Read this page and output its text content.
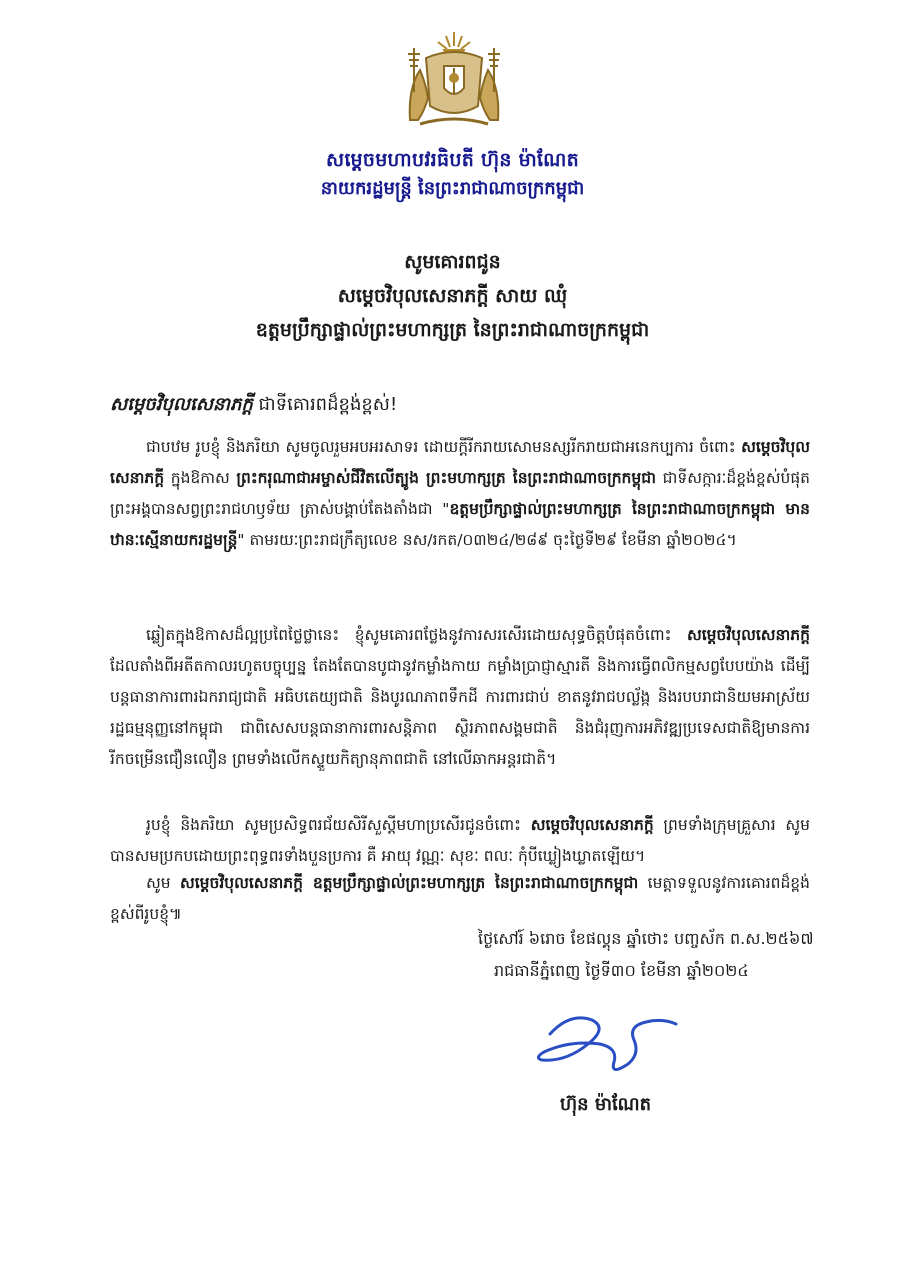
សម្តេចមហាបវរធិបតី ហ៊ុន ម៉ាណែត
នាយករដ្ឋមន្ត្រី នៃព្រះរាជាណាចក្រកម្ពុជា
សូមគោរពជូន
សម្តេចវិបុលសេនាភក្តី សាយ ឈុំ
ឧត្តមប្រឹក្សាផ្ទាល់ព្រះមហាក្សត្រ នៃព្រះរាជាណាចក្រកម្ពុជា
សម្តេចវិបុលសេនាភក្តី ជាទីគោរពដ៏ខ្ពង់ខ្ពស់!
ជាបឋម រូបខ្ញុំ និងភរិយា សូមចូលរួមអបអរសាទរ ដោយក្តីរីករាយសោមនស្សរីករាយជាអនេកប្បការ ចំពោះ សម្តេចវិបុលសេនាភក្តី ក្នុងឱកាស ព្រះករុណាជាអម្ចាស់ជីវិតលើត្បូង ព្រះមហាក្សត្រ នៃព្រះរាជាណាចក្រកម្ពុជា ជាទីសក្ការៈដ៏ខ្ពង់ខ្ពស់បំផុត ព្រះអង្គបានសព្វព្រះរាជហឫទ័យ ត្រាស់បង្គាប់តែងតាំងជា "ឧត្តមប្រឹក្សាផ្ទាល់ព្រះមហាក្សត្រ នៃព្រះរាជាណាចក្រកម្ពុជា មានឋានៈស្មើនាយករដ្ឋមន្ត្រី" តាមរយៈព្រះរាជក្រឹត្យលេខ នស/រកត/០៣២៤/២៨៩ ចុះថ្ងៃទី២៩ ខែមីនា ឆ្នាំ២០២៤។
ឆ្លៀតក្នុងឱកាសដ៏ល្អប្រពៃថ្លៃថ្លានេះ ខ្ញុំសូមគោរពថ្លែងនូវការសរសើរដោយសុទ្ធចិត្តបំផុតចំពោះ សម្តេចវិបុលសេនាភក្តី ដែលតាំងពីអតីតកាលរហូតបច្ចុប្បន្ន តែងតែបានបូជានូវកម្លាំងកាយ កម្លាំងប្រាជ្ញាស្មារតី និងការធ្វើពលិកម្មសព្វបែបយ៉ាង ដើម្បីបន្តធានាការពារឯករាជ្យជាតិ អធិបតេយ្យជាតិ និងបូរណភាពទឹកដី ការពារជាប់ ខាតនូវរាជបល្ល័ង្ក និងរបបរាជានិយមអាស្រ័យរដ្ឋធម្មនុញ្ញនៅកម្ពុជា ជាពិសេសបន្តធានាការពារសន្តិភាព ស្ថិរភាពសង្គមជាតិ និងជំរុញការអភិវឌ្ឍប្រទេសជាតិឱ្យមានការរីកចម្រើនជឿនលឿន ព្រមទាំងលើកស្ទួយកិត្យានុភាពជាតិ នៅលើឆាកអន្តរជាតិ។
រូបខ្ញុំ និងភរិយា សូមប្រសិទ្ធពរជ័យសិរីសួស្តីមហាប្រសើរជូនចំពោះ សម្តេចវិបុលសេនាភក្តី ព្រមទាំងក្រុមគ្រួសារ សូមបានសមប្រកបដោយព្រះពុទ្ធពរទាំងបួនប្រការ គឺ អាយុ វណ្ណៈ សុខៈ ពលៈ កុំបីឃ្លៀងឃ្លាតឡើយ។
សូម សម្តេចវិបុលសេនាភក្តី ឧត្តមប្រឹក្សាផ្ទាល់ព្រះមហាក្សត្រ នៃព្រះរាជាណាចក្រកម្ពុជា មេត្តាទទួលនូវការគោរពដ៏ខ្ពង់ខ្ពស់ពីរូបខ្ញុំ៕
ថ្ងៃសៅរ៍ ៦រោច ខែផល្គុន ឆ្នាំថោះ បញ្ចស័ក ព.ស.២៥៦៧
រាជធានីភ្នំពេញ ថ្ងៃទី៣០ ខែមីនា ឆ្នាំ២០២៤
ហ៊ុន ម៉ាណែត
